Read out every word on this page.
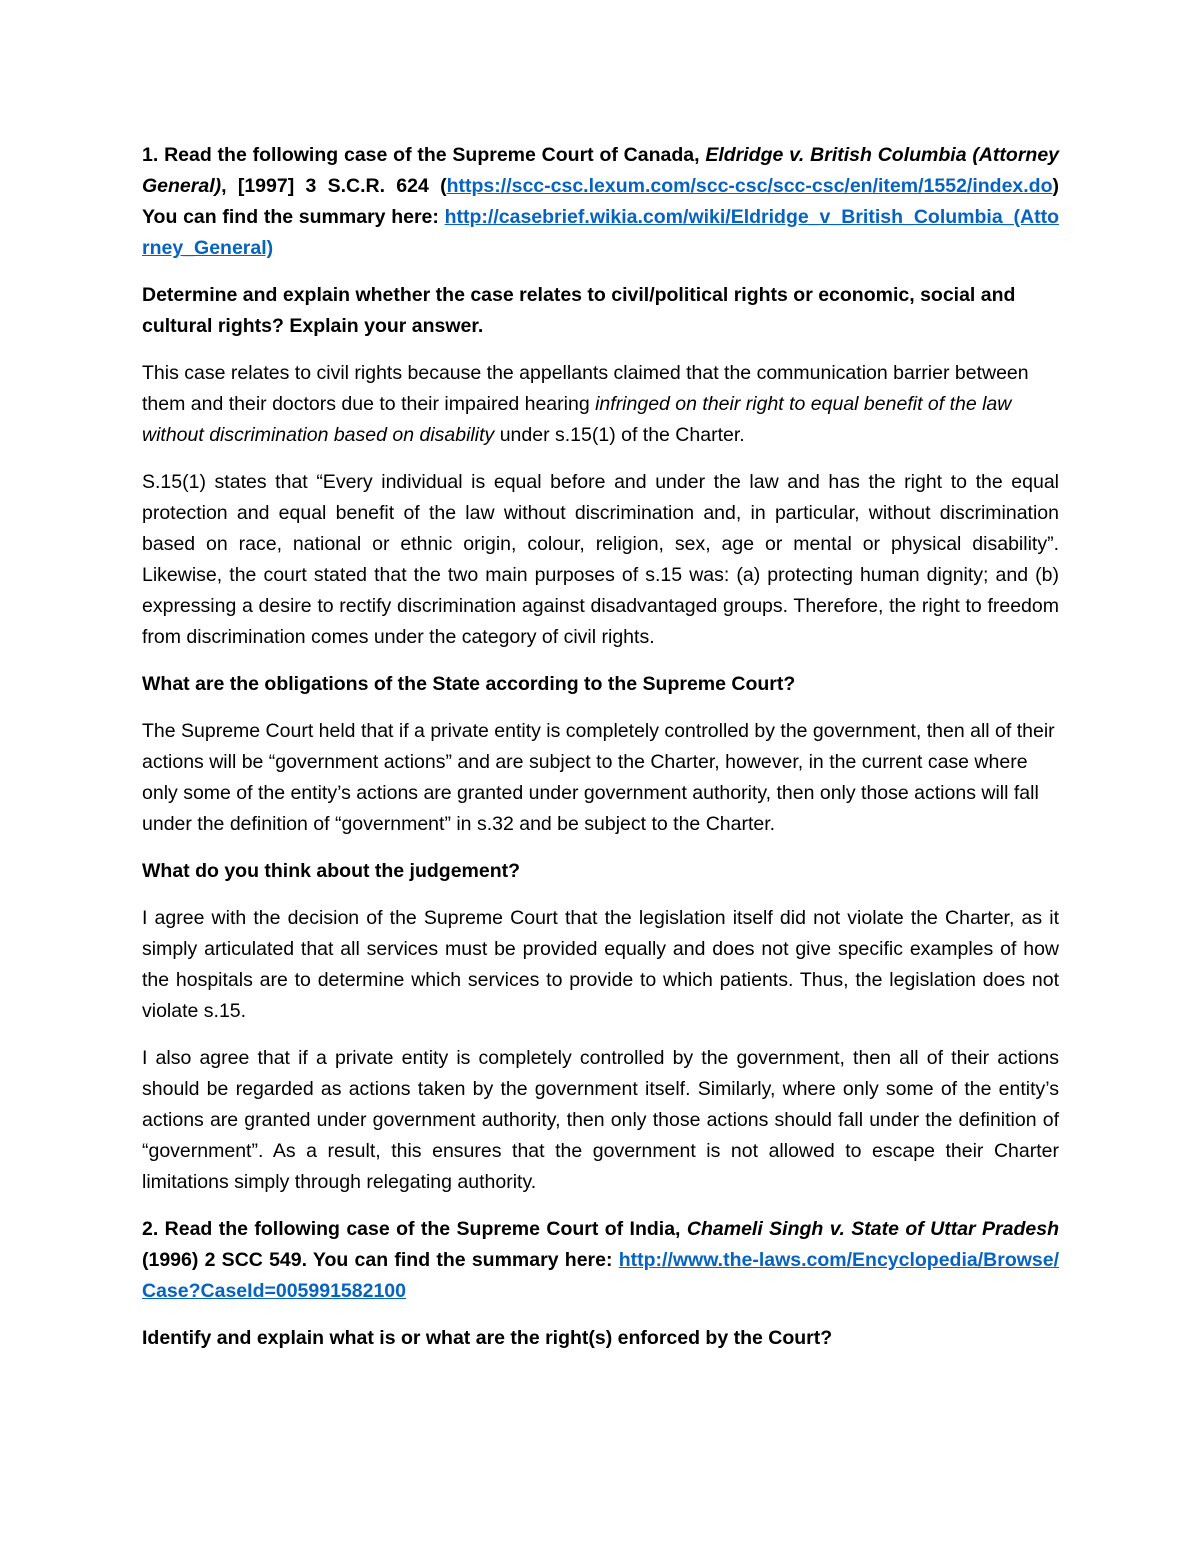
1. Read the following case of the Supreme Court of Canada, Eldridge v. British Columbia (Attorney General), [1997] 3 S.C.R. 624 (https://scc-csc.lexum.com/scc-csc/scc-csc/en/item/1552/index.do) You can find the summary here: http://casebrief.wikia.com/wiki/Eldridge_v_British_Columbia_(Attorney_General)

Determine and explain whether the case relates to civil/political rights or economic, social and cultural rights? Explain your answer.

This case relates to civil rights because the appellants claimed that the communication barrier between them and their doctors due to their impaired hearing infringed on their right to equal benefit of the law without discrimination based on disability under s.15(1) of the Charter.

S.15(1) states that “Every individual is equal before and under the law and has the right to the equal protection and equal benefit of the law without discrimination and, in particular, without discrimination based on race, national or ethnic origin, colour, religion, sex, age or mental or physical disability”. Likewise, the court stated that the two main purposes of s.15 was: (a) protecting human dignity; and (b) expressing a desire to rectify discrimination against disadvantaged groups. Therefore, the right to freedom from discrimination comes under the category of civil rights.

What are the obligations of the State according to the Supreme Court?

The Supreme Court held that if a private entity is completely controlled by the government, then all of their actions will be “government actions” and are subject to the Charter, however, in the current case where only some of the entity’s actions are granted under government authority, then only those actions will fall under the definition of “government” in s.32 and be subject to the Charter.

What do you think about the judgement?

I agree with the decision of the Supreme Court that the legislation itself did not violate the Charter, as it simply articulated that all services must be provided equally and does not give specific examples of how the hospitals are to determine which services to provide to which patients. Thus, the legislation does not violate s.15.

I also agree that if a private entity is completely controlled by the government, then all of their actions should be regarded as actions taken by the government itself. Similarly, where only some of the entity’s actions are granted under government authority, then only those actions should fall under the definition of “government”. As a result, this ensures that the government is not allowed to escape their Charter limitations simply through relegating authority.

2. Read the following case of the Supreme Court of India, Chameli Singh v. State of Uttar Pradesh (1996) 2 SCC 549. You can find the summary here: http://www.the-laws.com/Encyclopedia/Browse/Case?CaseId=005991582100

Identify and explain what is or what are the right(s) enforced by the Court?
